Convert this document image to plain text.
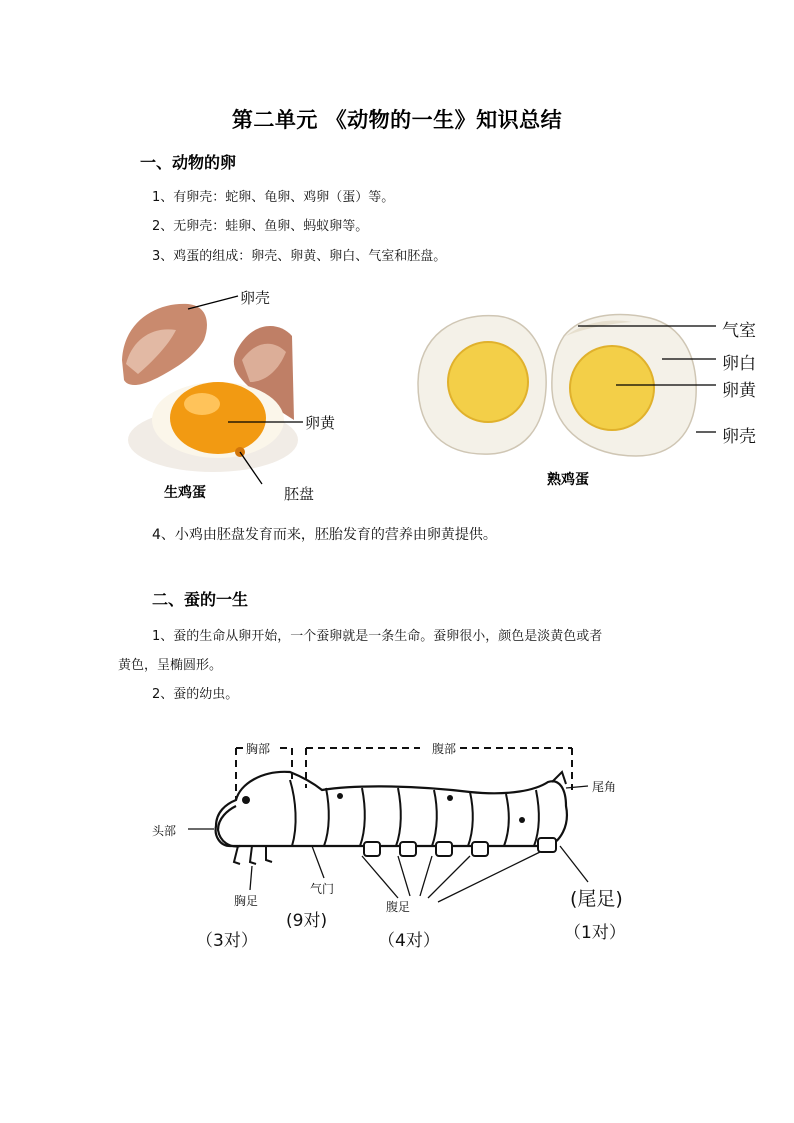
第二单元 《动物的一生》知识总结
一、动物的卵
1、有卵壳：蛇卵、龟卵、鸡卵（蛋）等。
2、无卵壳：蛙卵、鱼卵、蚂蚁卵等。
3、鸡蛋的组成：卵壳、卵黄、卵白、气室和胚盘。
卵壳
卵黄
胚盘
生鸡蛋
气室
卵白
卵黄
卵壳
熟鸡蛋
4、小鸡由胚盘发育而来，胚胎发育的营养由卵黄提供。
二、蚕的一生
1、蚕的生命从卵开始，一个蚕卵就是一条生命。蚕卵很小，颜色是淡黄色或者
黄色，呈椭圆形。
2、蚕的幼虫。
胸部	腹部
尾角
头部
胸足
气门
腹足	(尾足)
（3对）
(9对)
（4对）	（1对）
